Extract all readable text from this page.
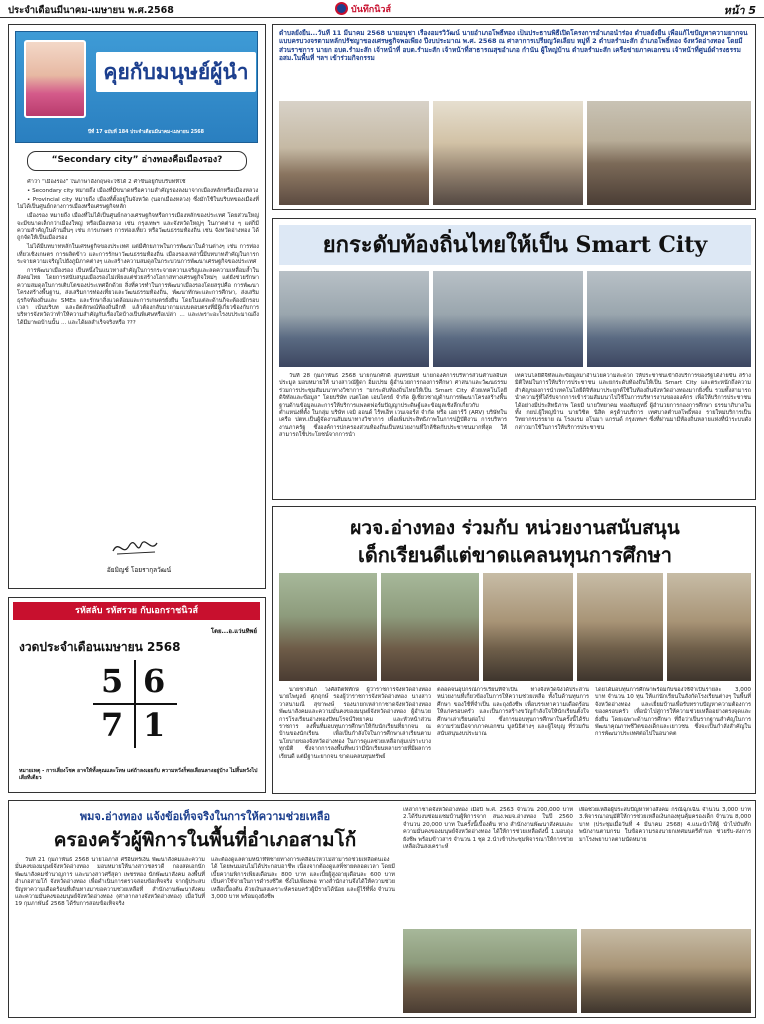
ประจำเดือนมีนาคม-เมษายน พ.ศ.2568	บันทึกนิวส์	หน้า 5
คุยกับมนุษย์ผู้นำ
ปีที่ 17 ฉบับที่ 184 ประจำเดือนมีนาคม-เมษายน 2568
“Secondary city” อ่างทองคือเมืองรอง?

คำว่า “เมืองรอง” ในภาษาอังกฤษจะใช้ได้ 2 คำขึ้นอยู่กับบริบทที่ใช้

• Secondary city หมายถึง เมืองที่มีขนาดหรือความสำคัญรองลงมาจากเมืองหลักหรือเมืองหลวง

• Provincial city หมายถึง เมืองที่ตั้งอยู่ในจังหวัด (นอกเมืองหลวง) ซึ่งมักใช้ในบริบทของเมืองที่ไม่ได้เป็นศูนย์กลางการเมืองหรือเศรษฐกิจหลัก

เมืองรอง หมายถึง เมืองที่ไม่ได้เป็นศูนย์กลางเศรษฐกิจหรือการเมืองหลักของประเทศ โดยส่วนใหญ่จะมีขนาดเล็กกว่าเมืองใหญ่ หรือเมืองหลวง เช่น กรุงเทพฯ และจังหวัดใหญ่ๆ ในภาคต่าง ๆ แต่ก็มีความสำคัญในด้านอื่นๆ เช่น การเกษตร การท่องเที่ยว หรือวัฒนธรรมท้องถิ่น เช่น จังหวัดอ่างทอง ได้ถูกจัดให้เป็นเมืองรอง

ไม่ได้มีบทบาทหลักในเศรษฐกิจของประเทศ แต่มีศักยภาพในการพัฒนาในด้านต่างๆ เช่น การท่องเที่ยวเชิงเกษตร การผลิตข้าว และการรักษาวัฒนธรรมท้องถิ่น เมืองรองเหล่านี้มีบทบาทสำคัญในการกระจายความเจริญไปยังภูมิภาคต่างๆ และสร้างความสมดุลในกระบวนการพัฒนาเศรษฐกิจของประเทศ

การพัฒนาเมืองรอง เป็นหนึ่งในแนวทางสำคัญในการกระจายความเจริญและลดความเหลื่อมล้ำในสังคมไทย โดยการสนับสนุนเมืองรองไม่เพียงแต่ช่วยสร้างโอกาสทางเศรษฐกิจใหม่ๆ แต่ยังช่วยรักษาความสมดุลในการเติบโตของประเทศอีกด้วย สิ่งที่ควรทำในการพัฒนาเมืองรองโดยสรุปคือ การพัฒนาโครงสร้างพื้นฐาน, ส่งเสริมการท่องเที่ยวและวัฒนธรรมท้องถิ่น, พัฒนาทักษะและการศึกษา, ส่งเสริมธุรกิจท้องถิ่นและ SMEs และรักษาสิ่งแวดล้อมและการเกษตรยั่งยืน โดยในแต่ละด้านก็จะต้องมีกรอบเวลา เน้นบริบท และอัตลักษณ์ท้องถิ่นอีกที แล้วต้องกลับมาถามแบบตอบตรงที่มีผู้เกี่ยวข้องกับการบริหารจังหวัดว่าทำให้ความสำคัญกับเรื่องใดบ้างเป็นพิเศษหรือเปล่า ... และเพราะอะไรงบประมาณถึงได้มีมาพอบ้านนั้น ... และได้ผลสำเร็จจริงหรือ ???

อัยมิญช์ โอยรากุลวัฒน์
รหัสลับ รหัสรวย กับเอกราชนิวส์
โดย...อ.แว่นทิพย์
งวดประจำเดือนเมษายน 2568
5 6
7 1
หมายเหตุ - การเสี่ยงโชค อาจให้ทั้งคุณและโทษ แต่ถ้าลงเอยกับ ความหวังก็พอเลือนลางอยู่บ้าง ไม่สิ้นหวังไปเสียทีเดียว
ตำบลยั่งยืน...วันที่ 11 มีนาคม 2568 นายอนุชา เรืองอมรวิวัฒน์ นายอำเภอโพธิ์ทอง เป็นประธานพิธีเปิดโครงการอำเภอนำร่อง ตำบลยั่งยืน เพื่อแก้ไขปัญหาความยากจนแบบครบวงจรตามหลักปรัชญาของเศรษฐกิจพอเพียง ปีงบประมาณ พ.ศ. 2568 ณ ศาลาการเปรียญวัดเลียบ หมู่ที่ 2 ตำบลรำมะสัก อำเภอโพธิ์ทอง จังหวัดอ่างทอง โดยมีส่วนราชการ นายก อบต.รำมะสัก เจ้าหน้าที่ อบต.รำมะสัก เจ้าหน้าที่สาธารณสุขอำเภอ กำนัน ผู้ใหญ่บ้าน ตำบลรำมะสัก เครือข่ายภาคเอกชน เจ้าหน้าที่ศูนย์ดำรงธรรม อสม.ในพื้นที่ ฯลฯ เข้าร่วมกิจกรรม
ยกระดับท้องถิ่นไทยให้เป็น Smart City
วันที่ 28 กุมภาพันธ์ 2568 นายกนกศักดิ์ สุนทรนันท์ นายกองค์การบริหารส่วนตำบลอินทประมูล มอบหมายให้ นางสาวณัฐิดา อิ่มเปรม ผู้อำนวยการกองการศึกษา ศาสนาและวัฒนธรรม ร่วมการประชุมสัมมนาทางวิชาการ “ยกระดับท้องถิ่นไทยให้เป็น Smart City ด้วยเทคโนโลยีดิจิทัลและข้อมูล” โดยบริษัท เนตโอต เอนไตรย์ จำกัด ผู้เชี่ยวชาญด้านการพัฒนาโครงสร้างพื้นฐานด้านข้อมูลและการให้บริการแพลตฟอร์มปัญญาประดิษฐ์และข้อมูลเชิงลึกเกี่ยวกับตำแหน่งที่ตั้ง ในกลุ่ม บริษัท เจมิ ออนด์ ไร้ทเอ็ท เวนเจอร์ส จำกัด หรือ เอยาร์วี (ARV) บริษัทในเครือ ปตท.เป็นผู้จัดงานสัมมนาทางวิชาการ เพื่อเพิ่มประสิทธิภาพในการปฏิบัติงาน การบริหารงานภาครัฐ ซึ่งองค์การปกครองส่วนท้องถิ่นเป็นหน่วยงานที่ใกล้ชิดกับประชาชนมากที่สุด ให้สามารถใช้ประโยชน์จากการนำ
เทคโนโลยีดิจิทัลและข้อมูลมาอำนวยความสะดวก ให้ประชาชนเข้าถึงบริการของรัฐได้ง่ายขึ้น สร้างมิติใหม่ในการให้บริการประชาชน และยกระดับท้องถิ่นให้เป็น Smart City และตระหนักถึงความสำคัญของการนำเทคโนโลยีดิจิทัลมาประยุกต์ใช้ในท้องถิ่นจังหวัดอ่างทองมากยิ่งขึ้น รวมทั้งสามารถนำความรู้ที่ได้รับจากการเข้าร่วมสัมมนาไปใช้ในการบริหารงานขององค์กร เพื่อให้บริการประชาชนได้อย่างมีประสิทธิภาพ โดยมี นายวิทยาคม ทองสัมฤทธิ์ ผู้อำนวยการกองการศึกษา ธรรมาภิบาลในทั้ง กยป.ผู้ใหญ่บ้าน นายวิชิต นิสิต ครูด้านบริการ เทศบาลตำบลโพธิ์ทอง รายใหม่บริการเป็นวิทยากรบรรยาย ณ โรงแรม อโนมา แกรนด์ กรุงเทพฯ ซึ่งที่ผ่านมามีท้องถิ่นหลายแห่งที่นำระบบดังกล่าวมาใช้ในการให้บริการประชาชน
ผวจ.อ่างทอง ร่วมกับ หน่วยงานสนับสนุน
เด็กเรียนดีแต่ขาดแคลนทุนการศึกษา
นายชาลัมภ์ วงศ์สถิตพิทักษ์ ผู้ว่าราชการจังหวัดอ่างทอง นายไพบูลย์ ศุภฤกษ์ รองผู้ว่าราชการจังหวัดอ่างทอง นางสาววาสนามณี สุขาพงษ์ รองนายกเหล่ากาชาดจังหวัดอ่างทอง พัฒนาสังคมและความมั่นคงของมนุษย์จังหวัดอ่างทอง ผู้อำนวยการโรงเรียนอ่างทองปัทมโรจน์วิทยาคม และหัวหน้าส่วนราชการ ลงพื้นที่มอบทุนการศึกษาให้กับนักเรียนที่ยากจน ณ บ้านของนักเรียน เพื่อเป็นกำลังใจในการศึกษาเล่าเรียนตามนโยบายของจังหวัดอ่างทอง ในการดูแลช่วยเหลือกลุ่มเปราะบางทุกมิติ ซึ่งจากการลงพื้นที่พบว่ามีนักเรียนหลายรายที่มีผลการเรียนดี แต่มีฐานะยากจน ขาดแคลนทุนทรัพย์
ตลอดจนอุปกรณ์การเรียนที่จำเป็น ทางจังหวัดจึงได้ประสานหน่วยงานที่เกี่ยวข้องในการให้ความช่วยเหลือ ทั้งในด้านทุนการศึกษา ของใช้ที่จำเป็น และถุงยังชีพ เพื่อบรรเทาความเดือดร้อนให้แก่ครอบครัว และเป็นการสร้างขวัญกำลังใจให้นักเรียนตั้งใจศึกษาเล่าเรียนต่อไป ซึ่งการมอบทุนการศึกษาในครั้งนี้ได้รับความร่วมมือจากภาคเอกชน มูลนิธิต่างๆ และผู้ใจบุญ ที่ร่วมกันสนับสนุนงบประมาณ
โดยได้มอบทุนการศึกษาพร้อมกับของใช้จำเป็นรายละ 3,000 บาท จำนวน 10 ทุน ให้แก่นักเรียนในสังกัดโรงเรียนต่างๆ ในพื้นที่จังหวัดอ่างทอง และเยี่ยมบ้านเพื่อรับทราบปัญหาความต้องการของครอบครัว เพื่อนำไปสู่การให้ความช่วยเหลืออย่างตรงจุดและยั่งยืน โดยเฉพาะด้านการศึกษา ที่ถือว่าเป็นรากฐานสำคัญในการพัฒนาคุณภาพชีวิตของเด็กและเยาวชน ซึ่งจะเป็นกำลังสำคัญในการพัฒนาประเทศต่อไปในอนาคต
พมจ.อ่างทอง แจ้งข้อเท็จจริงในการให้ความช่วยเหลือ
ครองครัวผู้พิการในพื้นที่อำเภอสามโก้
วันที่ 21 กุมภาพันธ์ 2568 นายโอภาส ศรีอินทร์เงิน พัฒนาสังคมและความมั่นคงของมนุษย์จังหวัดอ่างทอง มอบหมายให้นางสาวชลรวดี กองสดเอกนักพัฒนาสังคมชำนาญการ และนางสาวศรีสุดา เพชรทอง นักพัฒนาสังคม ลงพื้นที่อำเภอสามโก้ จังหวัดอ่างทอง เพื่อดำเนินการตรวจสอบข้อเท็จจริง จากผู้ประสบปัญหาความเดือดร้อนที่เดินทางมาขอความช่วยเหลือที่ สำนักงานพัฒนาสังคมและความมั่นคงของมนุษย์จังหวัดอ่างทอง (ศาลากลางจังหวัดอ่างทอง) เมื่อวันที่ 19 กุมภาพันธ์ 2568 ได้รับการสอบข้อเท็จจริง
และต้องดูแลตามหน้าที่พี่ชายทางการเคลื่อนไหวไม่สามารถช่วยเหลือตนเองได้ โดยพนมอนไม่ได้ประกอบอาชีพ เนื่องจากต้องดูแลพี่ชายตลอดเวลา โดยมีเบี้ยความพิการเพียงเดือนละ 800 บาท และเบี้ยผู้สูงอายุเดือนละ 600 บาท เป็นค่าใช้จ่ายในการดำรงชีวิต ซึ่งไม่เพียงพอ ทางสำนักงานจึงได้ให้ความช่วยเหลือเบื้องต้น ด้วยเงินสงเคราะห์ครอบครัวผู้มีรายได้น้อย และผู้ไร้ที่พึ่ง จำนวน 3,000 บาท พร้อมถุงยังชีพ
เหล่ากาชาดจังหวัดอ่างทอง เมื่อปี พ.ศ. 2563 จำนวน 200,000 บาท 2.ได้รับงบซ่อมแซมบ้านผู้พิการจาก สนง.พมจ.อ่างทอง ในปี 2560 จำนวน 20,000 บาท ในครั้งนี้เบื้องต้น ทาง สำนักงานพัฒนาสังคมและความมั่นคงของมนุษย์จังหวัดอ่างทอง ได้ให้การช่วยเหลือดังนี้ 1.มอบถุงยังชีพ พร้อมข้าวสาร จำนวน 1 ชุด 2.นำเข้าประชุมพิจารณาให้การช่วยเหลือเงินสงเคราะห์
เพื่อช่วยเหลือผู้ประสบปัญหาทางสังคม กรณีฉุกเฉิน จำนวน 3,000 บาท 3.พิจารณาอนุมัติให้การช่วยเหลือเงินกองทุนคุ้มครองเด็ก จำนวน 8,000 บาท (ประชุมเมื่อวันที่ 4 มีนาคม 2568) 4.แนะนำให้ผู้ นำไปบันทึกพนักงานตามกรม ในข้อความรองนายกเทศมนตรีตำบล ช่วยรับ-ส่งการมาโรงพยาบาลตามนัดหมาย
